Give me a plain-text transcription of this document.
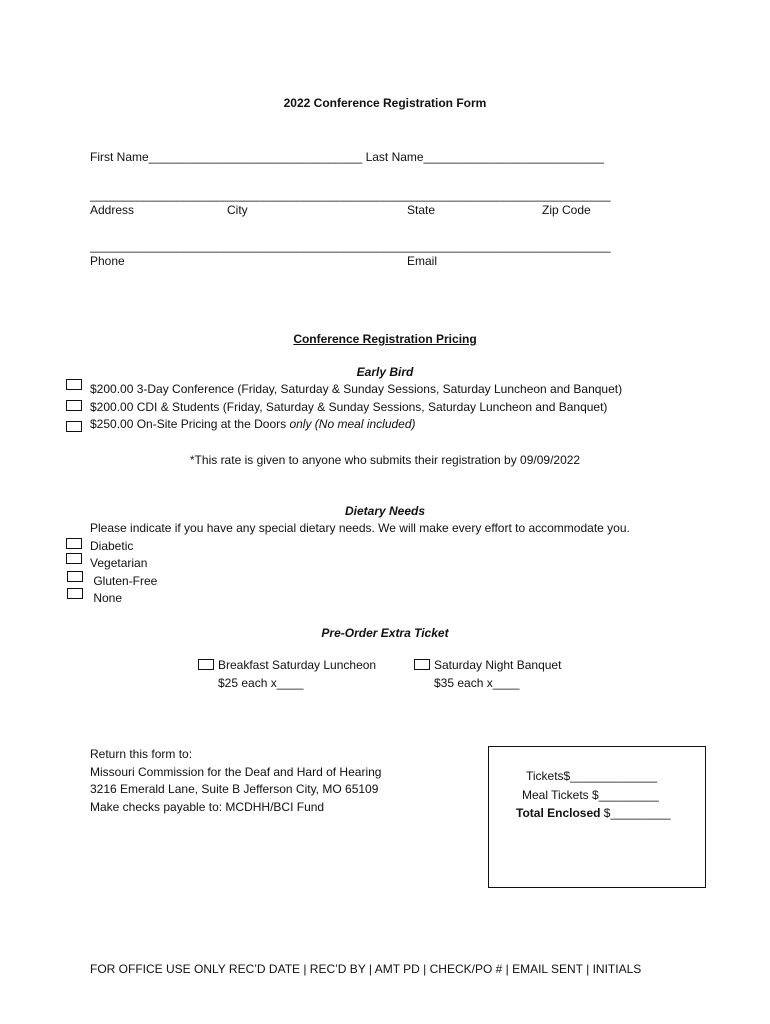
2022 Conference Registration Form
First Name________________________________ Last Name___________________________
______________________________________________________________________________
Address	City	State	Zip Code
______________________________________________________________________________
Phone	Email
Conference Registration Pricing
Early Bird
$200.00 3-Day Conference (Friday, Saturday & Sunday Sessions, Saturday Luncheon and Banquet)
$200.00 CDI & Students (Friday, Saturday & Sunday Sessions, Saturday Luncheon and Banquet)
$250.00 On-Site Pricing at the Doors only (No meal included)
*This rate is given to anyone who submits their registration by 09/09/2022
Dietary Needs
Please indicate if you have any special dietary needs. We will make every effort to accommodate you.
Diabetic
Vegetarian
Gluten-Free
None
Pre-Order Extra Ticket
Breakfast Saturday Luncheon
$25 each x____
Saturday Night Banquet
$35 each x____
Return this form to:
Missouri Commission for the Deaf and Hard of Hearing
3216 Emerald Lane, Suite B Jefferson City, MO 65109
Make checks payable to: MCDHH/BCI Fund
Tickets$_____________
Meal Tickets $_________
Total Enclosed $_________
FOR OFFICE USE ONLY REC’D DATE | REC’D BY | AMT PD | CHECK/PO # | EMAIL SENT | INITIALS
